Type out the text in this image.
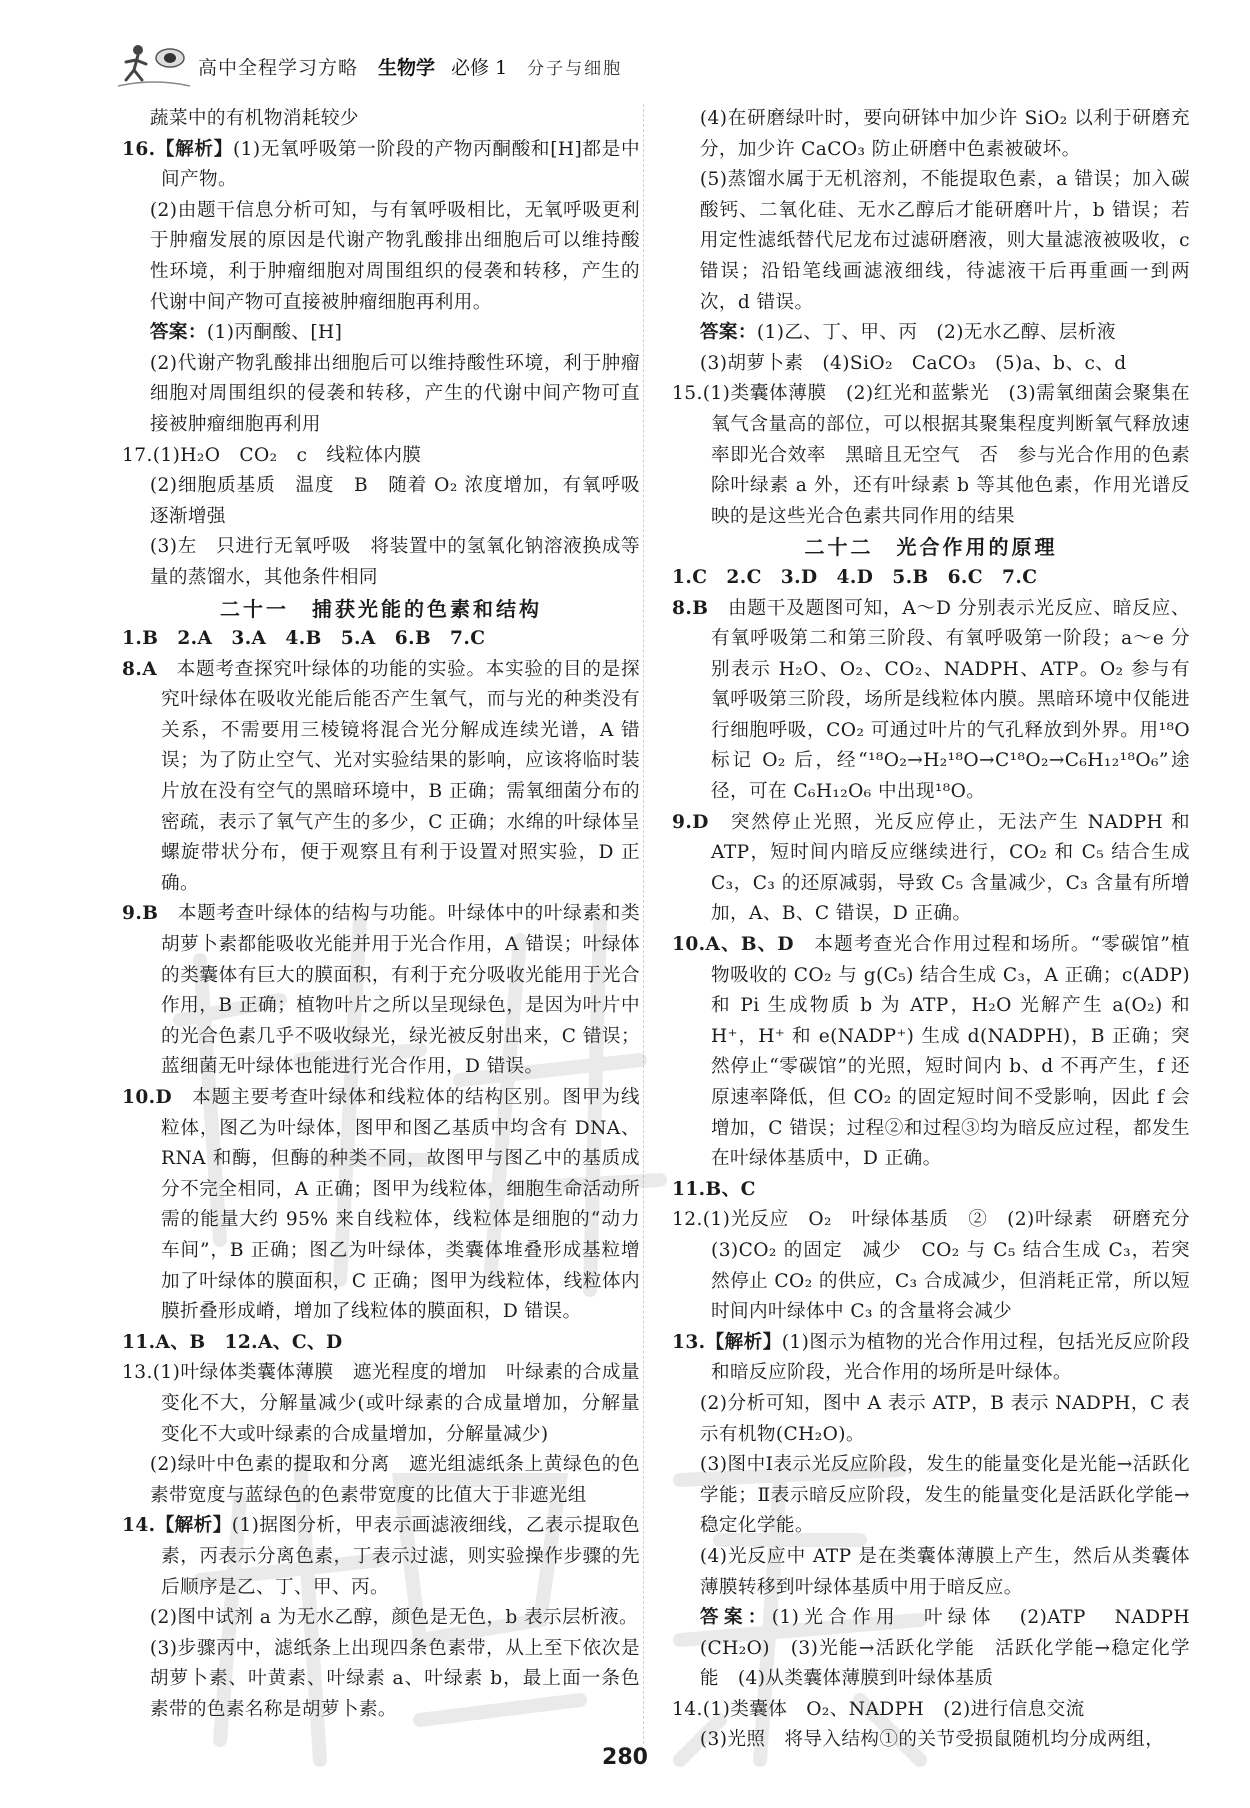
高中全程学习方略 生物学 必修 1 分子与细胞

蔬菜中的有机物消耗较少

16.【解析】(1)无氧呼吸第一阶段的产物丙酮酸和[H]都是中间产物。

(2)由题干信息分析可知，与有氧呼吸相比，无氧呼吸更利于肿瘤发展的原因是代谢产物乳酸排出细胞后可以维持酸性环境，利于肿瘤细胞对周围组织的侵袭和转移，产生的代谢中间产物可直接被肿瘤细胞再利用。

答案：(1)丙酮酸、[H]

(2)代谢产物乳酸排出细胞后可以维持酸性环境，利于肿瘤细胞对周围组织的侵袭和转移，产生的代谢中间产物可直接被肿瘤细胞再利用

17.(1)H₂O　CO₂　c　线粒体内膜

(2)细胞质基质　温度　B　随着 O₂ 浓度增加，有氧呼吸逐渐增强

(3)左　只进行无氧呼吸　将装置中的氢氧化钠溶液换成等量的蒸馏水，其他条件相同

二十一　捕获光能的色素和结构

1.B　2.A　3.A　4.B　5.A　6.B　7.C

8.A　本题考查探究叶绿体的功能的实验。本实验的目的是探究叶绿体在吸收光能后能否产生氧气，而与光的种类没有关系，不需要用三棱镜将混合光分解成连续光谱，A 错误；为了防止空气、光对实验结果的影响，应该将临时装片放在没有空气的黑暗环境中，B 正确；需氧细菌分布的密疏，表示了氧气产生的多少，C 正确；水绵的叶绿体呈螺旋带状分布，便于观察且有利于设置对照实验，D 正确。

9.B　本题考查叶绿体的结构与功能。叶绿体中的叶绿素和类胡萝卜素都能吸收光能并用于光合作用，A 错误；叶绿体的类囊体有巨大的膜面积，有利于充分吸收光能用于光合作用，B 正确；植物叶片之所以呈现绿色，是因为叶片中的光合色素几乎不吸收绿光，绿光被反射出来，C 错误；蓝细菌无叶绿体也能进行光合作用，D 错误。

10.D　本题主要考查叶绿体和线粒体的结构区别。图甲为线粒体，图乙为叶绿体，图甲和图乙基质中均含有 DNA、RNA 和酶，但酶的种类不同，故图甲与图乙中的基质成分不完全相同，A 正确；图甲为线粒体，细胞生命活动所需的能量大约 95% 来自线粒体，线粒体是细胞的“动力车间”，B 正确；图乙为叶绿体，类囊体堆叠形成基粒增加了叶绿体的膜面积，C 正确；图甲为线粒体，线粒体内膜折叠形成嵴，增加了线粒体的膜面积，D 错误。

11.A、B　12.A、C、D

13.(1)叶绿体类囊体薄膜　遮光程度的增加　叶绿素的合成量变化不大，分解量减少(或叶绿素的合成量增加，分解量变化不大或叶绿素的合成量增加，分解量减少)

(2)绿叶中色素的提取和分离　遮光组滤纸条上黄绿色的色素带宽度与蓝绿色的色素带宽度的比值大于非遮光组

14.【解析】(1)据图分析，甲表示画滤液细线，乙表示提取色素，丙表示分离色素，丁表示过滤，则实验操作步骤的先后顺序是乙、丁、甲、丙。

(2)图中试剂 a 为无水乙醇，颜色是无色，b 表示层析液。

(3)步骤丙中，滤纸条上出现四条色素带，从上至下依次是胡萝卜素、叶黄素、叶绿素 a、叶绿素 b，最上面一条色素带的色素名称是胡萝卜素。

(4)在研磨绿叶时，要向研钵中加少许 SiO₂ 以利于研磨充分，加少许 CaCO₃ 防止研磨中色素被破坏。

(5)蒸馏水属于无机溶剂，不能提取色素，a 错误；加入碳酸钙、二氧化硅、无水乙醇后才能研磨叶片，b 错误；若用定性滤纸替代尼龙布过滤研磨液，则大量滤液被吸收，c 错误；沿铅笔线画滤液细线，待滤液干后再重画一到两次，d 错误。

答案：(1)乙、丁、甲、丙　(2)无水乙醇、层析液

(3)胡萝卜素　(4)SiO₂　CaCO₃　(5)a、b、c、d

15.(1)类囊体薄膜　(2)红光和蓝紫光　(3)需氧细菌会聚集在氧气含量高的部位，可以根据其聚集程度判断氧气释放速率即光合效率　黑暗且无空气　否　参与光合作用的色素除叶绿素 a 外，还有叶绿素 b 等其他色素，作用光谱反映的是这些光合色素共同作用的结果

二十二　光合作用的原理

1.C　2.C　3.D　4.D　5.B　6.C　7.C

8.B　由题干及题图可知，A～D 分别表示光反应、暗反应、有氧呼吸第二和第三阶段、有氧呼吸第一阶段；a～e 分别表示 H₂O、O₂、CO₂、NADPH、ATP。O₂ 参与有氧呼吸第三阶段，场所是线粒体内膜。黑暗环境中仅能进行细胞呼吸，CO₂ 可通过叶片的气孔释放到外界。用¹⁸O 标记 O₂ 后，经“¹⁸O₂→H₂¹⁸O→C¹⁸O₂→C₆H₁₂¹⁸O₆”途径，可在 C₆H₁₂O₆ 中出现¹⁸O。

9.D　突然停止光照，光反应停止，无法产生 NADPH 和 ATP，短时间内暗反应继续进行，CO₂ 和 C₅ 结合生成 C₃，C₃ 的还原减弱，导致 C₅ 含量减少，C₃ 含量有所增加，A、B、C 错误，D 正确。

10.A、B、D　本题考查光合作用过程和场所。“零碳馆”植物吸收的 CO₂ 与 g(C₅) 结合生成 C₃，A 正确；c(ADP) 和 Pi 生成物质 b 为 ATP，H₂O 光解产生 a(O₂) 和 H⁺，H⁺ 和 e(NADP⁺) 生成 d(NADPH)，B 正确；突然停止“零碳馆”的光照，短时间内 b、d 不再产生，f 还原速率降低，但 CO₂ 的固定短时间不受影响，因此 f 会增加，C 错误；过程②和过程③均为暗反应过程，都发生在叶绿体基质中，D 正确。

11.B、C

12.(1)光反应　O₂　叶绿体基质　②　(2)叶绿素　研磨充分　(3)CO₂ 的固定　减少　CO₂ 与 C₅ 结合生成 C₃，若突然停止 CO₂ 的供应，C₃ 合成减少，但消耗正常，所以短时间内叶绿体中 C₃ 的含量将会减少

13.【解析】(1)图示为植物的光合作用过程，包括光反应阶段和暗反应阶段，光合作用的场所是叶绿体。

(2)分析可知，图中 A 表示 ATP，B 表示 NADPH，C 表示有机物(CH₂O)。

(3)图中Ⅰ表示光反应阶段，发生的能量变化是光能→活跃化学能；Ⅱ表示暗反应阶段，发生的能量变化是活跃化学能→稳定化学能。

(4)光反应中 ATP 是在类囊体薄膜上产生，然后从类囊体薄膜转移到叶绿体基质中用于暗反应。

答案：(1)光合作用　叶绿体　(2)ATP　NADPH　(CH₂O)　(3)光能→活跃化学能　活跃化学能→稳定化学能　(4)从类囊体薄膜到叶绿体基质

14.(1)类囊体　O₂、NADPH　(2)进行信息交流

(3)光照　将导入结构①的关节受损鼠随机均分成两组，

280
